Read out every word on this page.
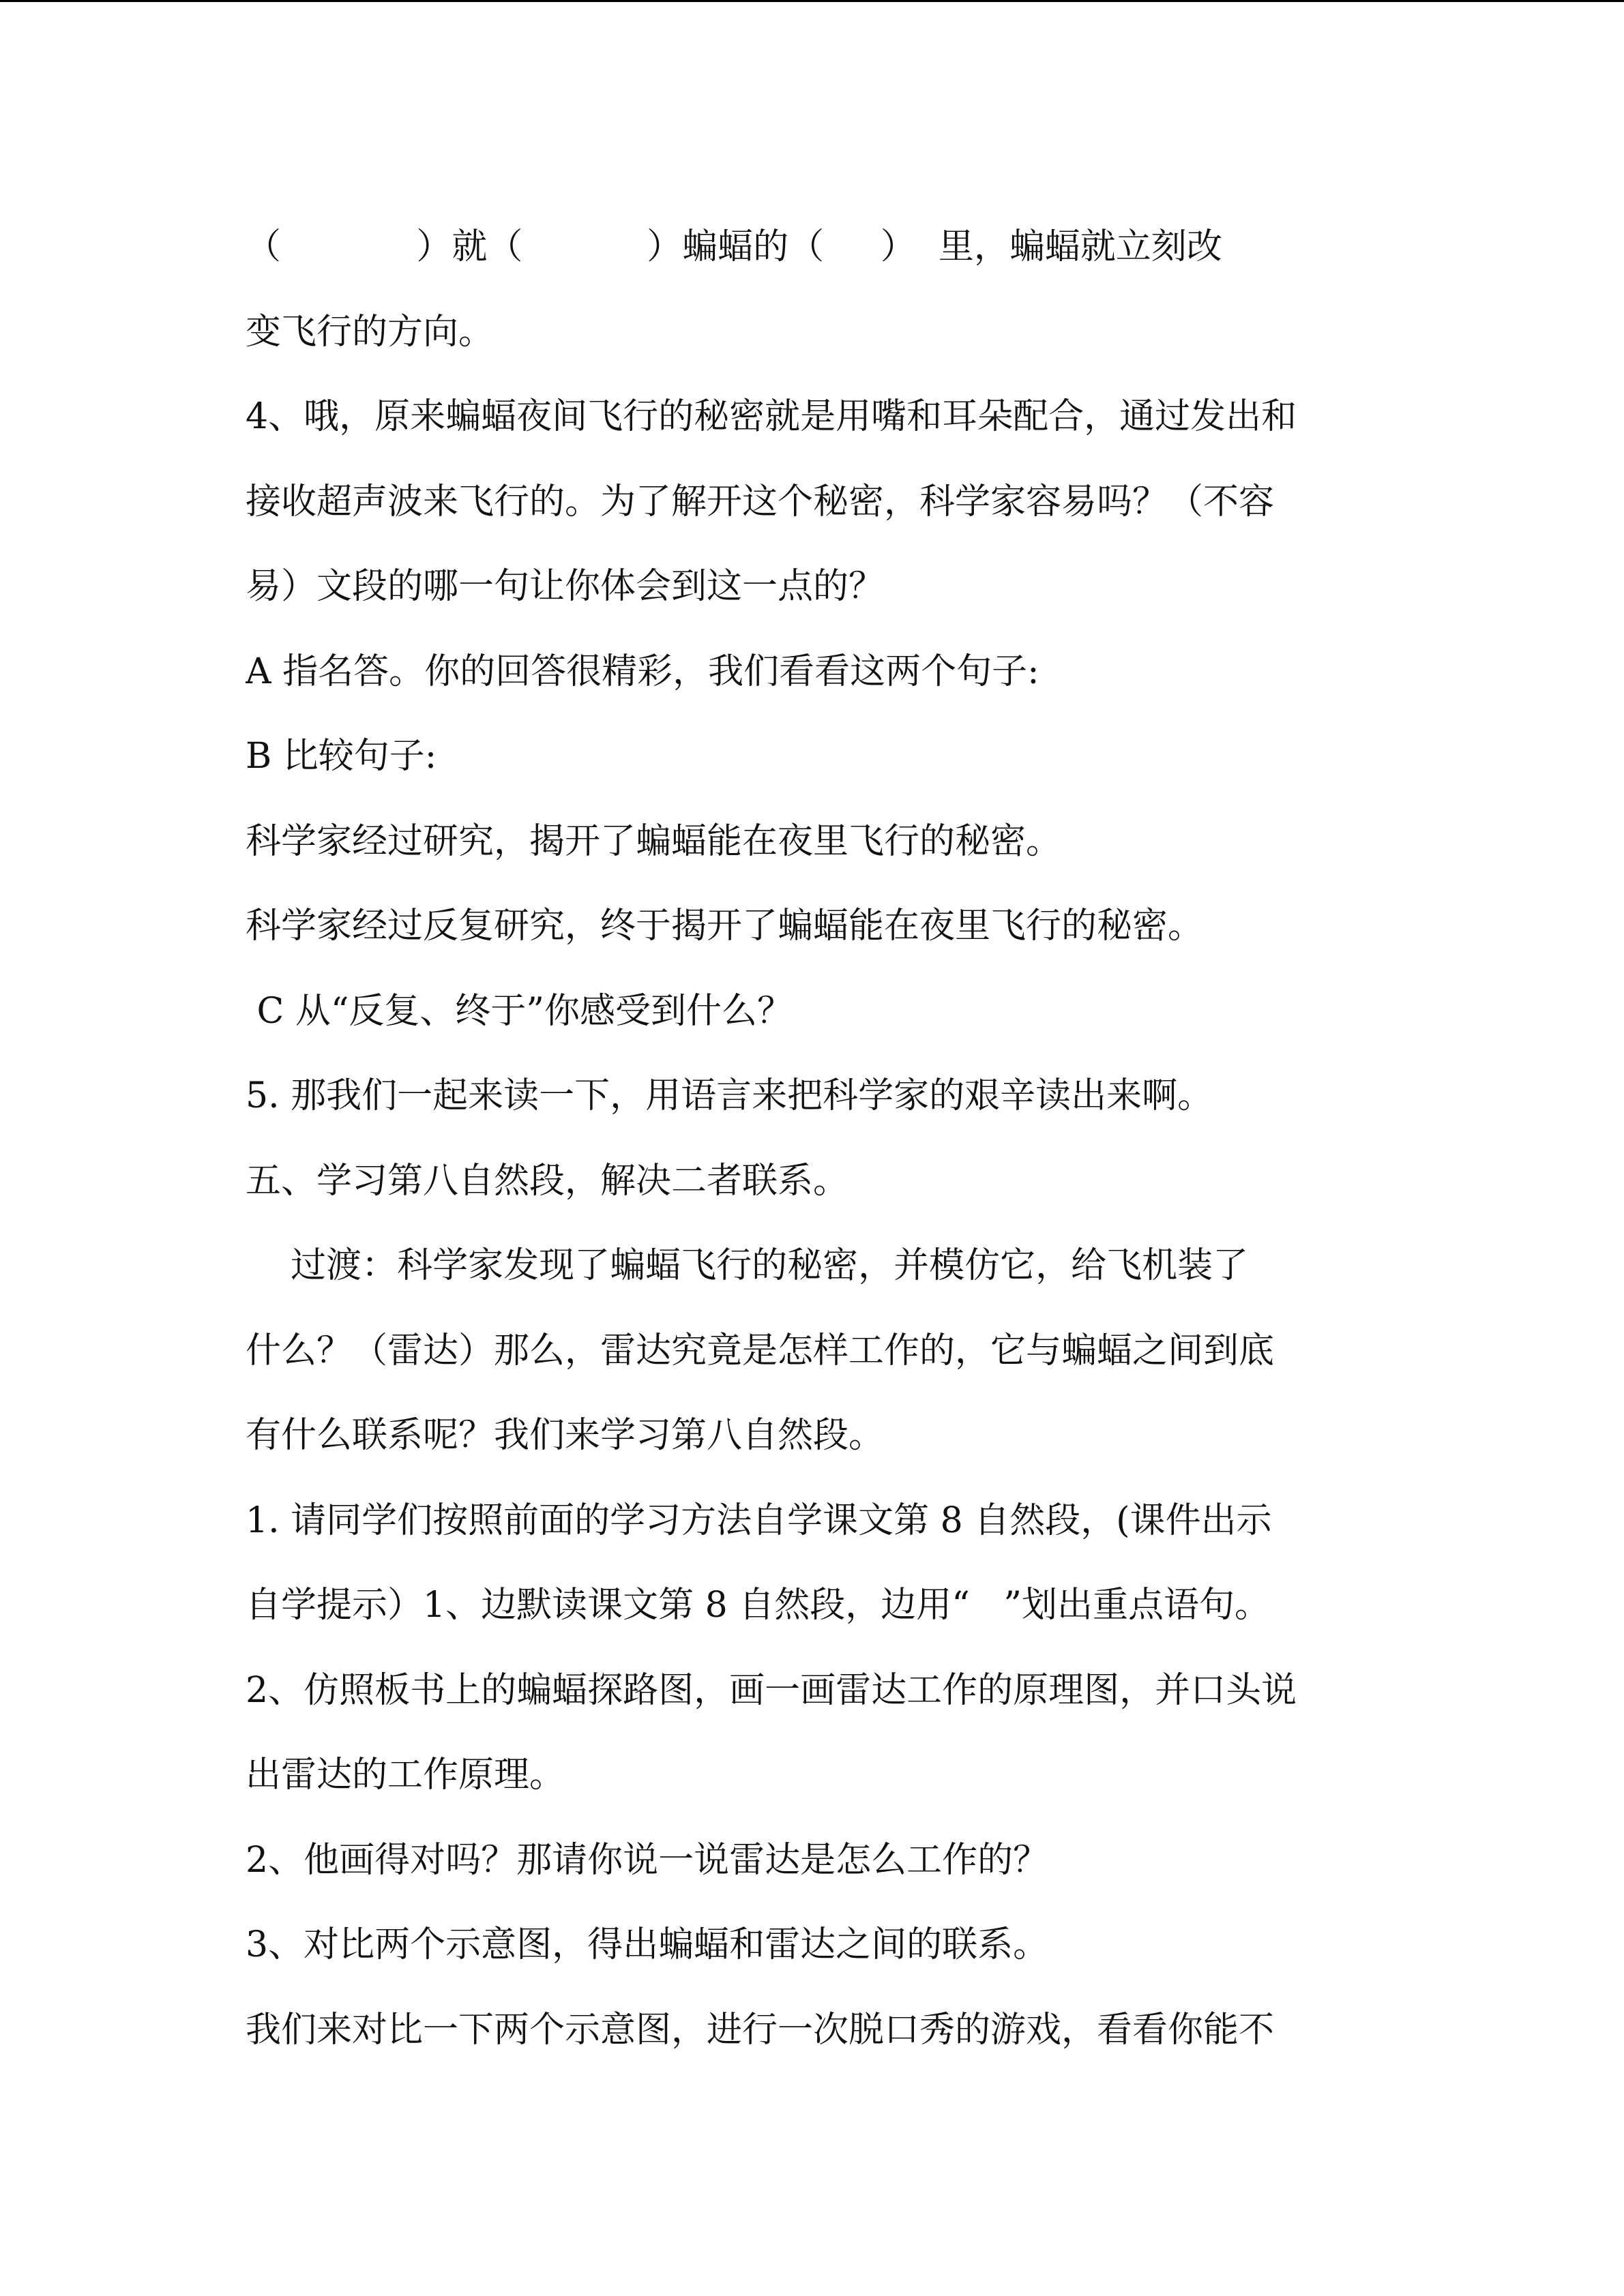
（            ）就（           ）蝙蝠的（     ）  里，蝙蝠就立刻改
变飞行的方向。
4、哦，原来蝙蝠夜间飞行的秘密就是用嘴和耳朵配合，通过发出和
接收超声波来飞行的。为了解开这个秘密，科学家容易吗？（不容
易）文段的哪一句让你体会到这一点的？
A 指名答。你的回答很精彩，我们看看这两个句子:
B 比较句子:
科学家经过研究，揭开了蝙蝠能在夜里飞行的秘密。
科学家经过反复研究，终于揭开了蝙蝠能在夜里飞行的秘密。
C 从“反复、终于”你感受到什么？
5. 那我们一起来读一下，用语言来把科学家的艰辛读出来啊。
五、学习第八自然段，解决二者联系。
过渡：科学家发现了蝙蝠飞行的秘密，并模仿它，给飞机装了
什么？（雷达）那么，雷达究竟是怎样工作的，它与蝙蝠之间到底
有什么联系呢？我们来学习第八自然段。
1. 请同学们按照前面的学习方法自学课文第 8 自然段，(课件出示
自学提示）1、边默读课文第 8 自然段，边用“   ”划出重点语句。
2、仿照板书上的蝙蝠探路图，画一画雷达工作的原理图，并口头说
出雷达的工作原理。
2、他画得对吗？那请你说一说雷达是怎么工作的？
3、对比两个示意图，得出蝙蝠和雷达之间的联系。
我们来对比一下两个示意图，进行一次脱口秀的游戏，看看你能不
